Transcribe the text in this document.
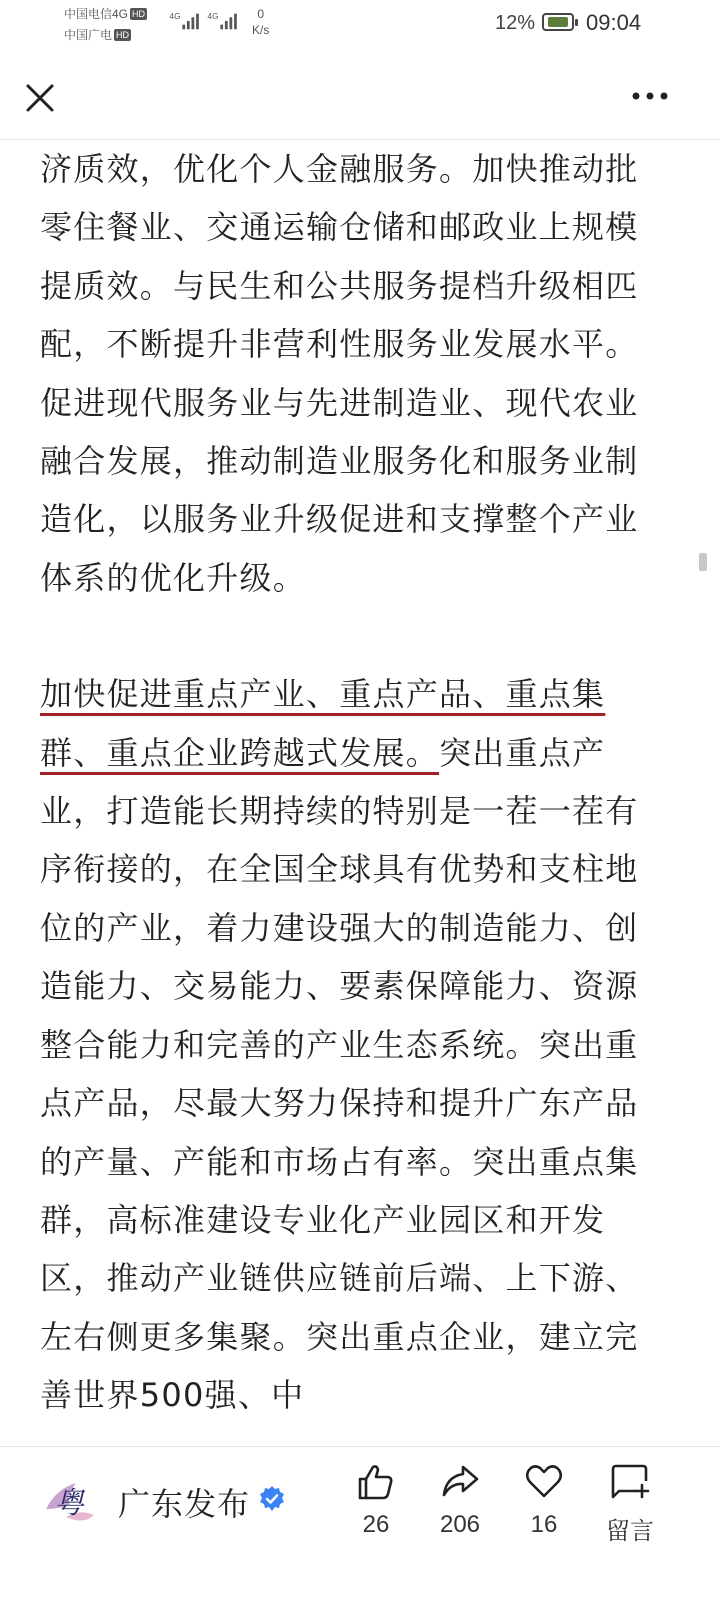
中国电信4G HD
中国广电 HD
4G	4G	0
K/s	12% 09:04

济质效，优化个人金融服务。加快推动批零住餐业、交通运输仓储和邮政业上规模提质效。与民生和公共服务提档升级相匹配，不断提升非营利性服务业发展水平。促进现代服务业与先进制造业、现代农业融合发展，推动制造业服务化和服务业制造化，以服务业升级促进和支撑整个产业体系的优化升级。

加快促进重点产业、重点产品、重点集群、重点企业跨越式发展。突出重点产业，打造能长期持续的特别是一茬一茬有序衔接的，在全国全球具有优势和支柱地位的产业，着力建设强大的制造能力、创造能力、交易能力、要素保障能力、资源整合能力和完善的产业生态系统。突出重点产品，尽最大努力保持和提升广东产品的产量、产能和市场占有率。突出重点集群，高标准建设专业化产业园区和开发区，推动产业链供应链前后端、上下游、左右侧更多集聚。突出重点企业，建立完善世界500强、中

粤 广东发布
26	206	16	留言
